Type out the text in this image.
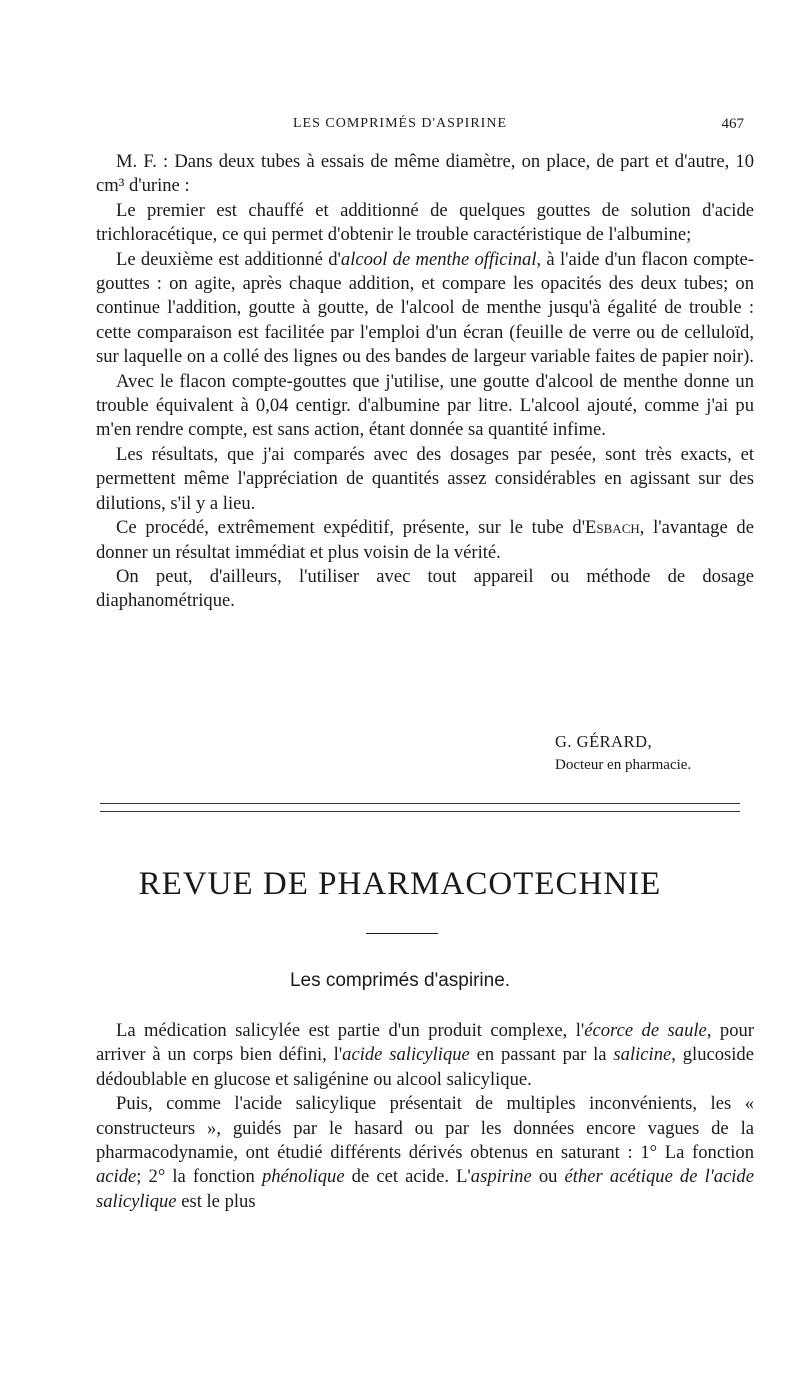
LES COMPRIMÉS D'ASPIRINE	467

M. F. : Dans deux tubes à essais de même diamètre, on place, de part et d'autre, 10 cm³ d'urine :

Le premier est chauffé et additionné de quelques gouttes de solution d'acide trichloracétique, ce qui permet d'obtenir le trouble caractéristique de l'albumine;

Le deuxième est additionné d'alcool de menthe officinal, à l'aide d'un flacon compte-gouttes : on agite, après chaque addition, et compare les opacités des deux tubes; on continue l'addition, goutte à goutte, de l'alcool de menthe jusqu'à égalité de trouble : cette comparaison est facilitée par l'emploi d'un écran (feuille de verre ou de celluloïd, sur laquelle on a collé des lignes ou des bandes de largeur variable faites de papier noir).

Avec le flacon compte-gouttes que j'utilise, une goutte d'alcool de menthe donne un trouble équivalent à 0,04 centigr. d'albumine par litre. L'alcool ajouté, comme j'ai pu m'en rendre compte, est sans action, étant donnée sa quantité infime.

Les résultats, que j'ai comparés avec des dosages par pesée, sont très exacts, et permettent même l'appréciation de quantités assez considérables en agissant sur des dilutions, s'il y a lieu.

Ce procédé, extrêmement expéditif, présente, sur le tube d'Esbach, l'avantage de donner un résultat immédiat et plus voisin de la vérité.

On peut, d'ailleurs, l'utiliser avec tout appareil ou méthode de dosage diaphanométrique.

G. GÉRARD,
Docteur en pharmacie.
REVUE DE PHARMACOTECHNIE
Les comprimés d'aspirine.

La médication salicylée est partie d'un produit complexe, l'écorce de saule, pour arriver à un corps bien défini, l'acide salicylique en passant par la salicine, glucoside dédoublable en glucose et saligénine ou alcool salicylique.

Puis, comme l'acide salicylique présentait de multiples inconvénients, les « constructeurs », guidés par le hasard ou par les données encore vagues de la pharmacodynamie, ont étudié différents dérivés obtenus en saturant : 1° La fonction acide; 2° la fonction phénolique de cet acide. L'aspirine ou éther acétique de l'acide salicylique est le plus
